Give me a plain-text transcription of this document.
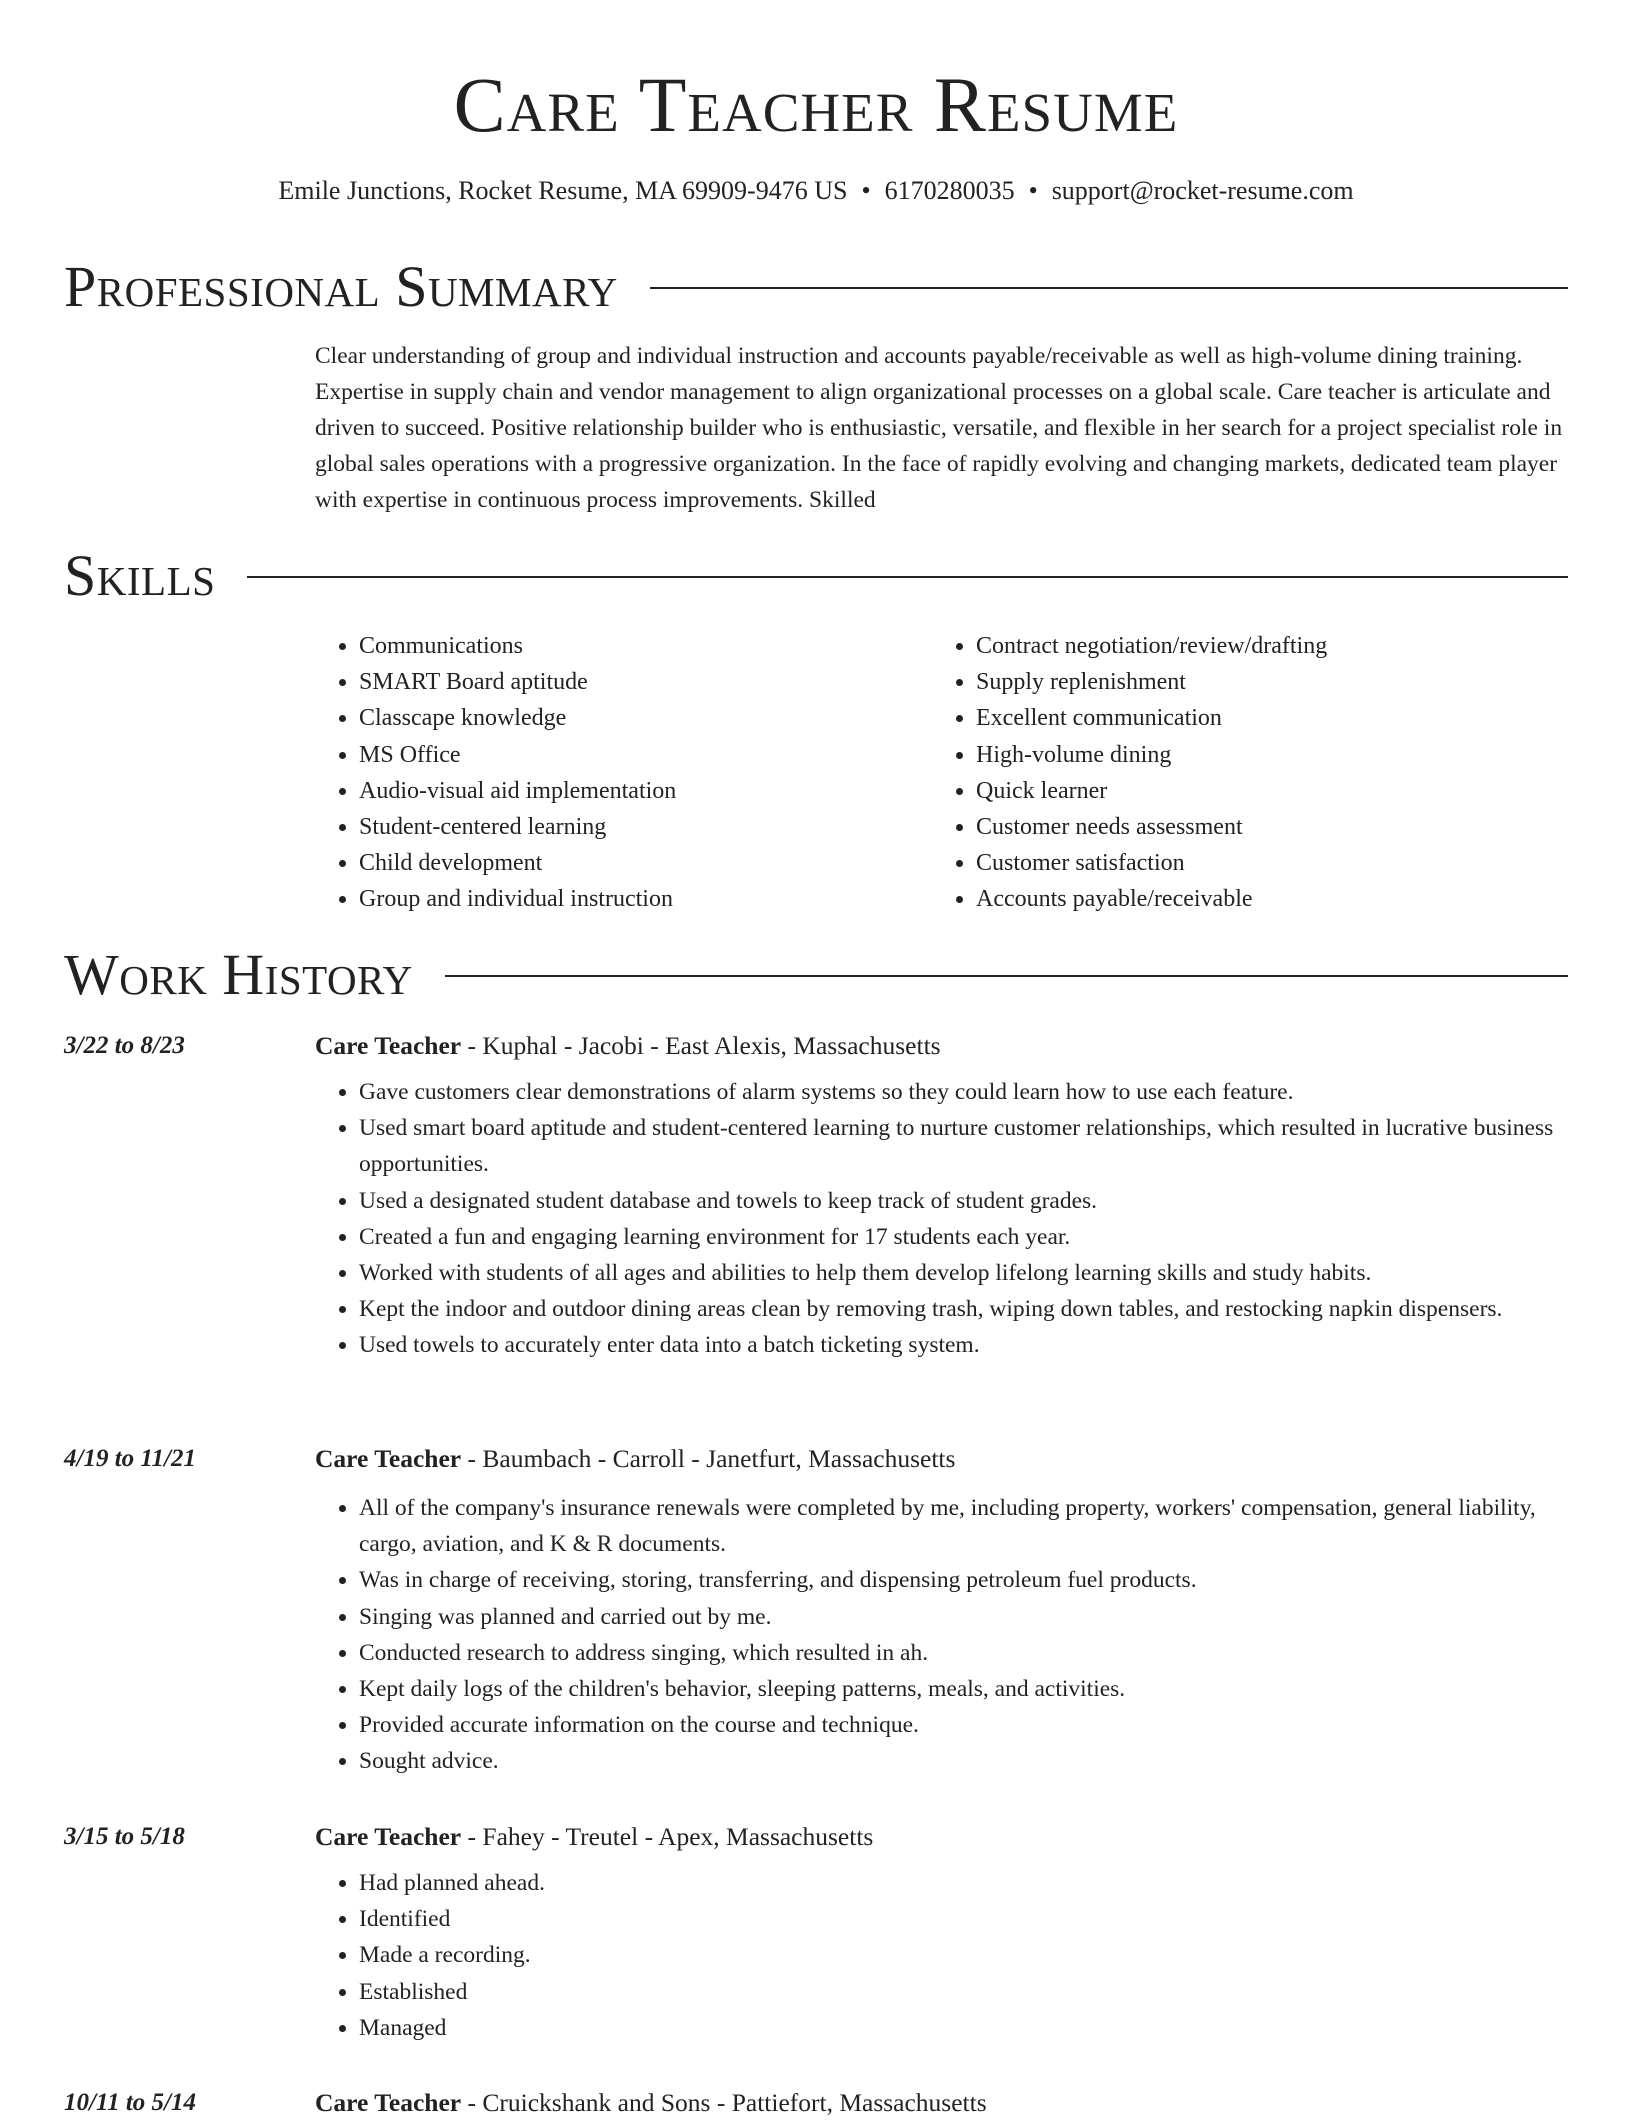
Care Teacher Resume
Emile Junctions, Rocket Resume, MA 69909-9476 US • 6170280035 • support@rocket-resume.com
Professional Summary

Clear understanding of group and individual instruction and accounts payable/receivable as well as high-volume dining training. Expertise in supply chain and vendor management to align organizational processes on a global scale. Care teacher is articulate and driven to succeed. Positive relationship builder who is enthusiastic, versatile, and flexible in her search for a project specialist role in global sales operations with a progressive organization. In the face of rapidly evolving and changing markets, dedicated team player with expertise in continuous process improvements. Skilled

Skills
• Communications
• SMART Board aptitude
• Classcape knowledge
• MS Office
• Audio-visual aid implementation
• Student-centered learning
• Child development
• Group and individual instruction
• Contract negotiation/review/drafting
• Supply replenishment
• Excellent communication
• High-volume dining
• Quick learner
• Customer needs assessment
• Customer satisfaction
• Accounts payable/receivable
Work History
3/22 to 8/23	Care Teacher - Kuphal - Jacobi - East Alexis, Massachusetts
• Gave customers clear demonstrations of alarm systems so they could learn how to use each feature.
• Used smart board aptitude and student-centered learning to nurture customer relationships, which resulted in lucrative business opportunities.
• Used a designated student database and towels to keep track of student grades.
• Created a fun and engaging learning environment for 17 students each year.
• Worked with students of all ages and abilities to help them develop lifelong learning skills and study habits.
• Kept the indoor and outdoor dining areas clean by removing trash, wiping down tables, and restocking napkin dispensers.
• Used towels to accurately enter data into a batch ticketing system.
4/19 to 11/21	Care Teacher - Baumbach - Carroll - Janetfurt, Massachusetts
• All of the company's insurance renewals were completed by me, including property, workers' compensation, general liability, cargo, aviation, and K & R documents.
• Was in charge of receiving, storing, transferring, and dispensing petroleum fuel products.
• Singing was planned and carried out by me.
• Conducted research to address singing, which resulted in ah.
• Kept daily logs of the children's behavior, sleeping patterns, meals, and activities.
• Provided accurate information on the course and technique.
• Sought advice.
3/15 to 5/18	Care Teacher - Fahey - Treutel - Apex, Massachusetts
• Had planned ahead.
• Identified
• Made a recording.
• Established
• Managed
10/11 to 5/14	Care Teacher - Cruickshank and Sons - Pattiefort, Massachusetts
